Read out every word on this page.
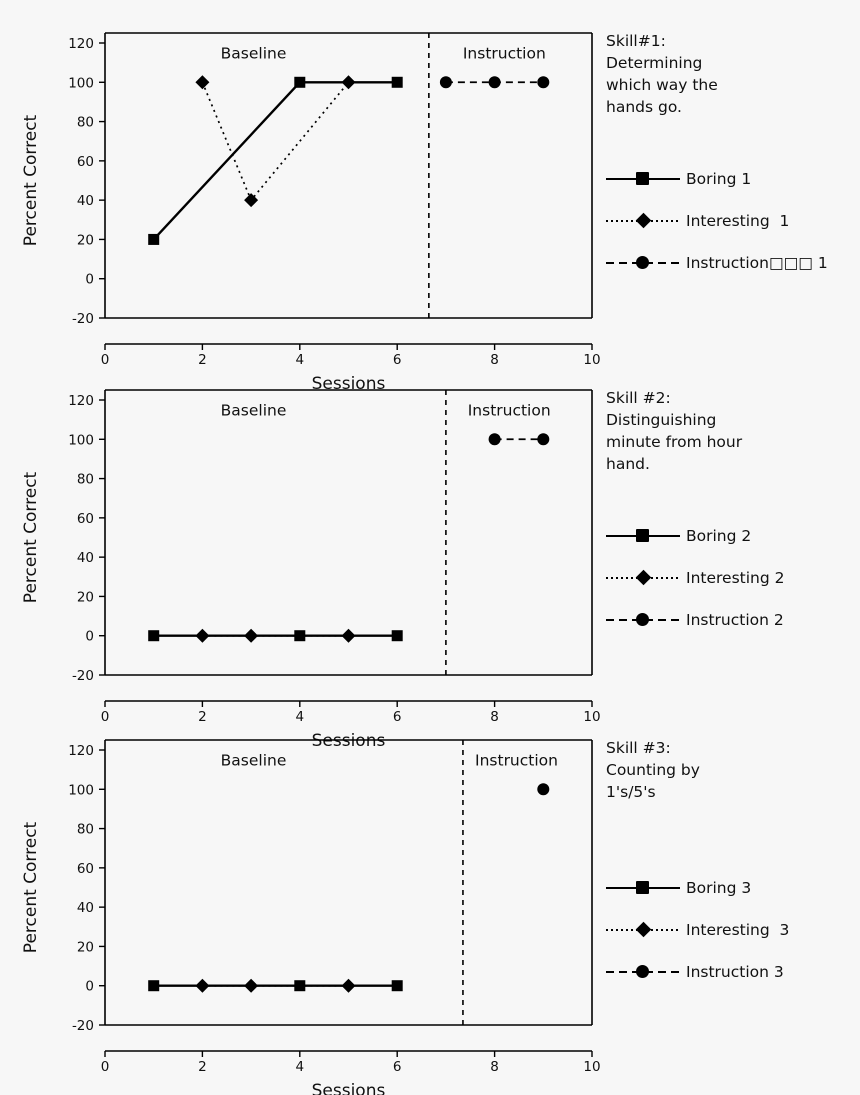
-20
0
20
40
60
80
100
120
0	2	4	6	8	10
Sessions
Percent Correct
Baseline	Instruction
Skill#1:
Determining
which way the
hands go.
Boring 1
Interesting  1
Instruction□□□ 1
-20
0
20
40
60
80
100
120
0	2	4	6	8	10
Sessions
Percent Correct
Baseline	Instruction
Skill #2:
Distinguishing
minute from hour
hand.
Boring 2
Interesting 2
Instruction 2
-20
0
20
40
60
80
100
120
0	2	4	6	8	10
Sessions
Percent Correct
Baseline	Instruction
Skill #3:
Counting by
1's/5's
Boring 3
Interesting  3
Instruction 3
